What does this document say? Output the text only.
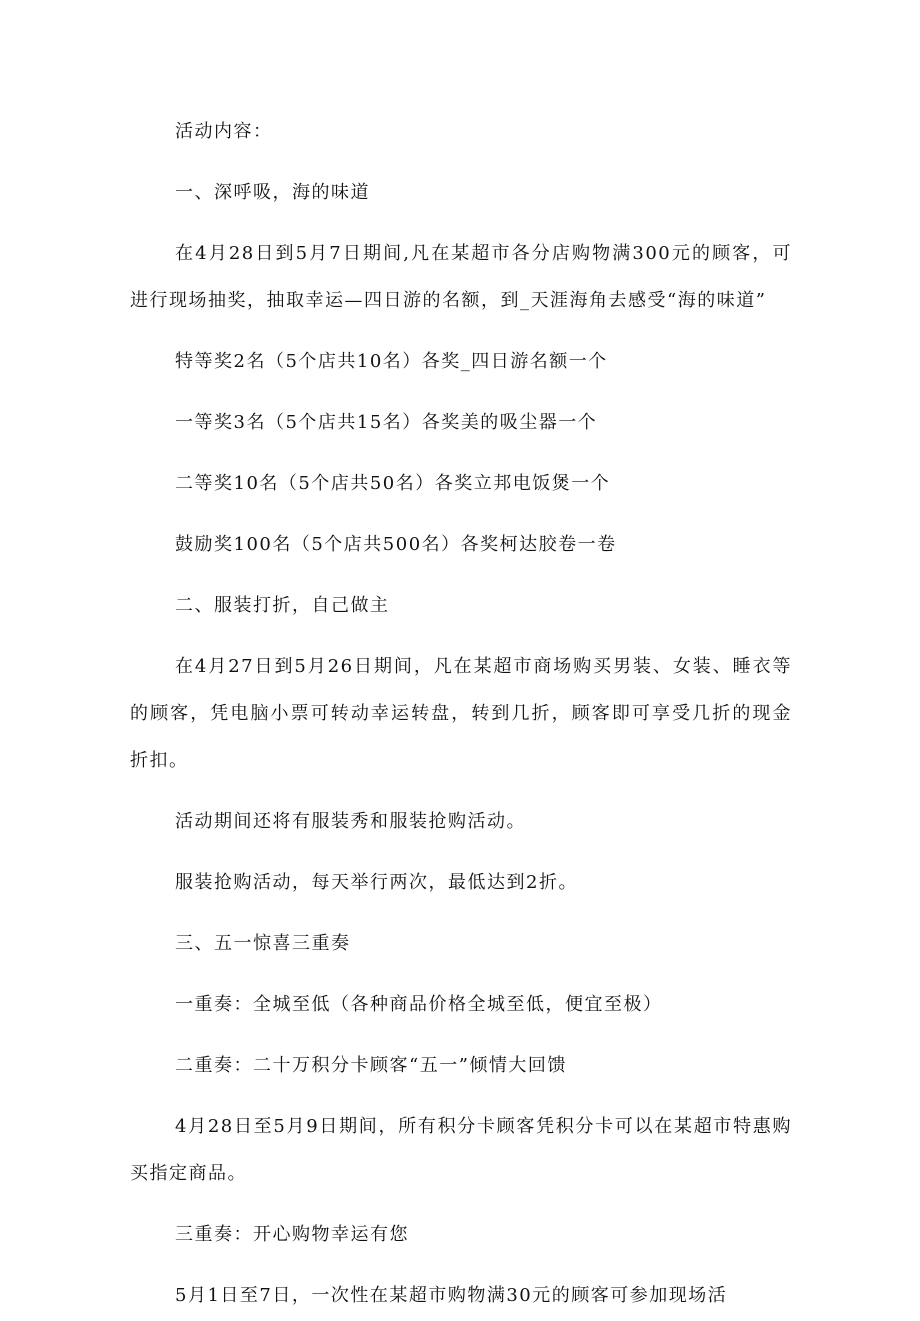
活动内容：

一、深呼吸，海的味道

在4月28日到5月7日期间,凡在某超市各分店购物满300元的顾客，可进行现场抽奖，抽取幸运—四日游的名额，到_天涯海角去感受“海的味道”

特等奖2名（5个店共10名）各奖_四日游名额一个

一等奖3名（5个店共15名）各奖美的吸尘器一个

二等奖10名（5个店共50名）各奖立邦电饭煲一个

鼓励奖100名（5个店共500名）各奖柯达胶卷一卷

二、服装打折，自己做主

在4月27日到5月26日期间，凡在某超市商场购买男装、女装、睡衣等的顾客，凭电脑小票可转动幸运转盘，转到几折，顾客即可享受几折的现金折扣。

活动期间还将有服装秀和服装抢购活动。

服装抢购活动，每天举行两次，最低达到2折。

三、五一惊喜三重奏

一重奏：全城至低（各种商品价格全城至低，便宜至极）

二重奏：二十万积分卡顾客“五一”倾情大回馈

4月28日至5月9日期间，所有积分卡顾客凭积分卡可以在某超市特惠购买指定商品。

三重奏：开心购物幸运有您

5月1日至7日，一次性在某超市购物满30元的顾客可参加现场活
